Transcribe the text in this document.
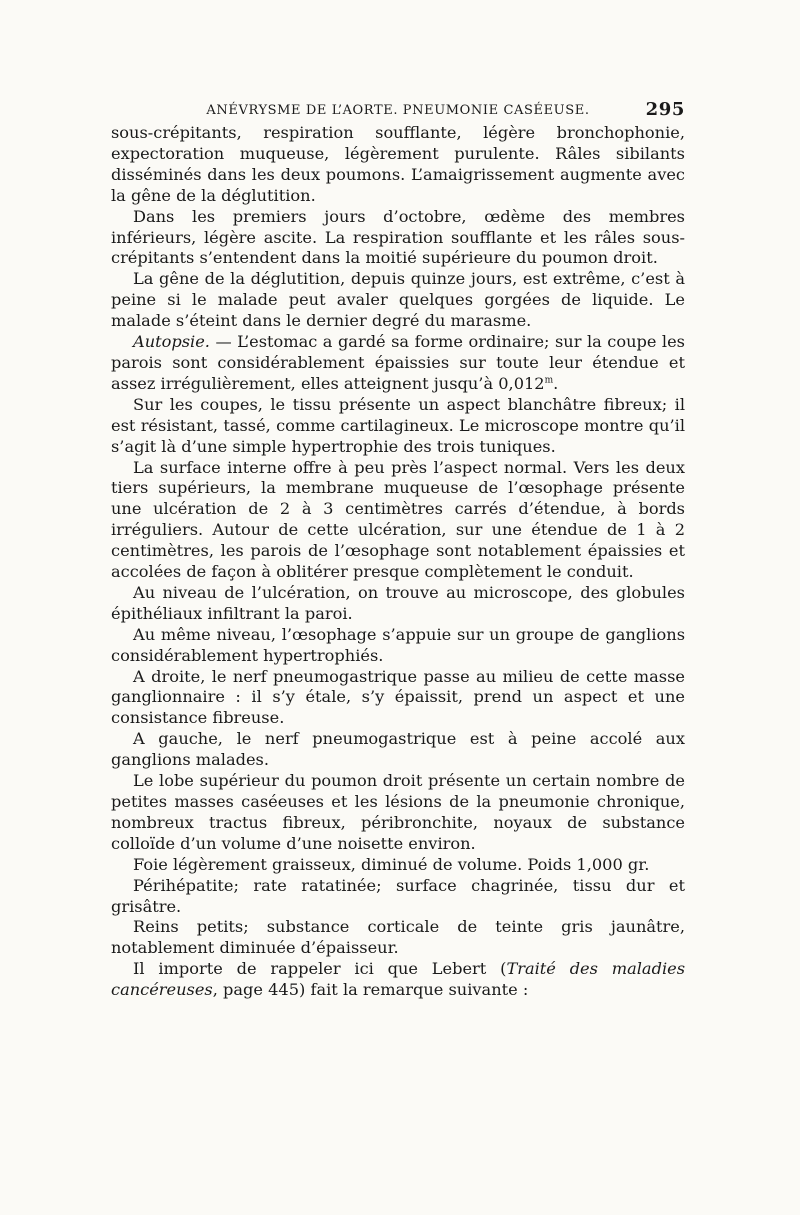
ANÉVRYSME DE L’AORTE. PNEUMONIE CASÉEUSE.	295

sous-crépitants, respiration soufflante, légère bronchophonie, expectoration muqueuse, légèrement purulente. Râles sibilants disséminés dans les deux poumons. L’amaigrissement augmente avec la gêne de la déglutition.

Dans les premiers jours d’octobre, œdème des membres inférieurs, légère ascite. La respiration soufflante et les râles sous-crépitants s’entendent dans la moitié supérieure du poumon droit.

La gêne de la déglutition, depuis quinze jours, est extrême, c’est à peine si le malade peut avaler quelques gorgées de liquide. Le malade s’éteint dans le dernier degré du marasme.

Autopsie. — L’estomac a gardé sa forme ordinaire; sur la coupe les parois sont considérablement épaissies sur toute leur étendue et assez irrégulièrement, elles atteignent jusqu’à 0,012$^m$.

Sur les coupes, le tissu présente un aspect blanchâtre fibreux; il est résistant, tassé, comme cartilagineux. Le microscope montre qu’il s’agit là d’une simple hypertrophie des trois tuniques.

La surface interne offre à peu près l’aspect normal. Vers les deux tiers supérieurs, la membrane muqueuse de l’œsophage présente une ulcération de 2 à 3 centimètres carrés d’étendue, à bords irréguliers. Autour de cette ulcération, sur une étendue de 1 à 2 centimètres, les parois de l’œsophage sont notablement épaissies et accolées de façon à oblitérer presque complètement le conduit.

Au niveau de l’ulcération, on trouve au microscope, des globules épithéliaux infiltrant la paroi.

Au même niveau, l’œsophage s’appuie sur un groupe de ganglions considérablement hypertrophiés.

A droite, le nerf pneumogastrique passe au milieu de cette masse ganglionnaire : il s’y étale, s’y épaissit, prend un aspect et une consistance fibreuse.

A gauche, le nerf pneumogastrique est à peine accolé aux ganglions malades.

Le lobe supérieur du poumon droit présente un certain nombre de petites masses caséeuses et les lésions de la pneumonie chronique, nombreux tractus fibreux, péribronchite, noyaux de substance colloïde d’un volume d’une noisette environ.

Foie légèrement graisseux, diminué de volume. Poids 1,000 gr.

Périhépatite; rate ratatinée; surface chagrinée, tissu dur et grisâtre.

Reins petits; substance corticale de teinte gris jaunâtre, notablement diminuée d’épaisseur.

Il importe de rappeler ici que Lebert (Traité des maladies cancéreuses, page 445) fait la remarque suivante :
